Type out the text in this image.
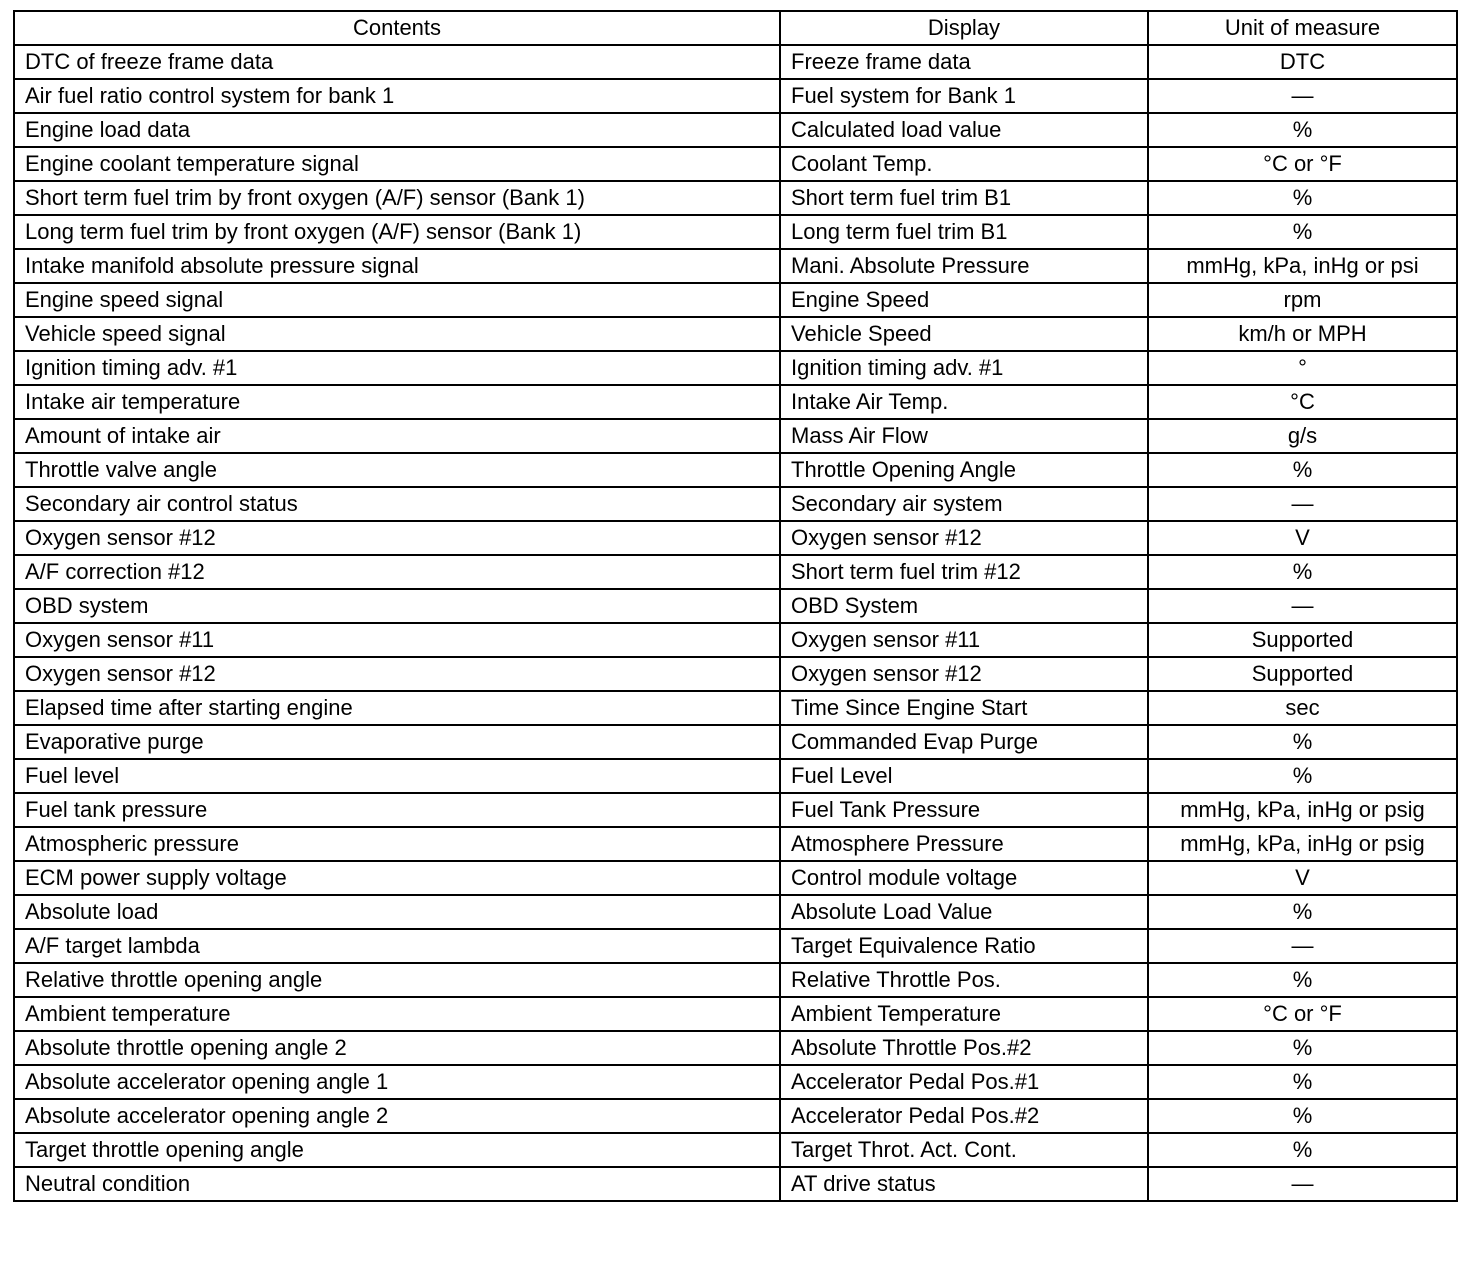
Contents	Display	Unit of measure
DTC of freeze frame data	Freeze frame data	DTC
Air fuel ratio control system for bank 1	Fuel system for Bank 1	—
Engine load data	Calculated load value	%
Engine coolant temperature signal	Coolant Temp.	°C or °F
Short term fuel trim by front oxygen (A/F) sensor (Bank 1)	Short term fuel trim B1	%
Long term fuel trim by front oxygen (A/F) sensor (Bank 1)	Long term fuel trim B1	%
Intake manifold absolute pressure signal	Mani. Absolute Pressure	mmHg, kPa, inHg or psi
Engine speed signal	Engine Speed	rpm
Vehicle speed signal	Vehicle Speed	km/h or MPH
Ignition timing adv. #1	Ignition timing adv. #1	°
Intake air temperature	Intake Air Temp.	°C
Amount of intake air	Mass Air Flow	g/s
Throttle valve angle	Throttle Opening Angle	%
Secondary air control status	Secondary air system	—
Oxygen sensor #12	Oxygen sensor #12	V
A/F correction #12	Short term fuel trim #12	%
OBD system	OBD System	—
Oxygen sensor #11	Oxygen sensor #11	Supported
Oxygen sensor #12	Oxygen sensor #12	Supported
Elapsed time after starting engine	Time Since Engine Start	sec
Evaporative purge	Commanded Evap Purge	%
Fuel level	Fuel Level	%
Fuel tank pressure	Fuel Tank Pressure	mmHg, kPa, inHg or psig
Atmospheric pressure	Atmosphere Pressure	mmHg, kPa, inHg or psig
ECM power supply voltage	Control module voltage	V
Absolute load	Absolute Load Value	%
A/F target lambda	Target Equivalence Ratio	—
Relative throttle opening angle	Relative Throttle Pos.	%
Ambient temperature	Ambient Temperature	°C or °F
Absolute throttle opening angle 2	Absolute Throttle Pos.#2	%
Absolute accelerator opening angle 1	Accelerator Pedal Pos.#1	%
Absolute accelerator opening angle 2	Accelerator Pedal Pos.#2	%
Target throttle opening angle	Target Throt. Act. Cont.	%
Neutral condition	AT drive status	—
